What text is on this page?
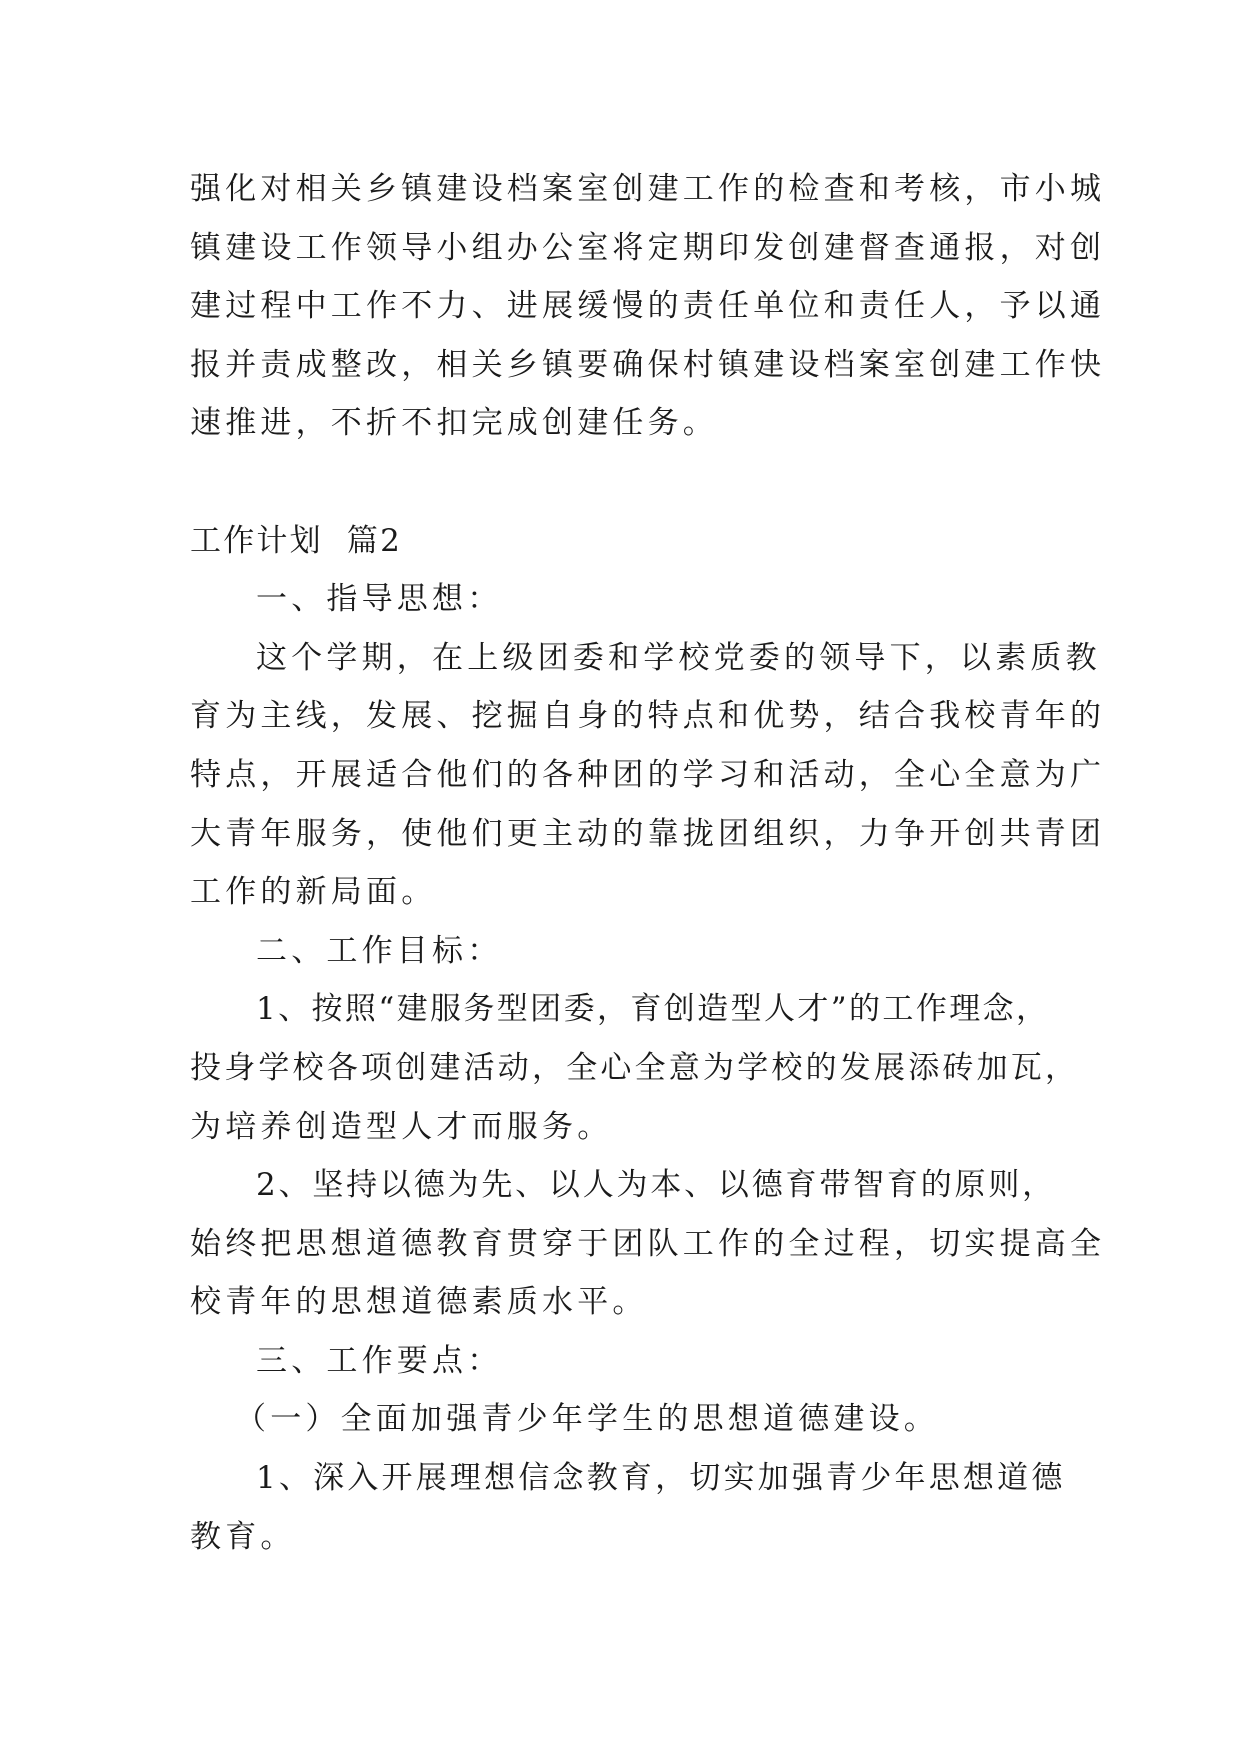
强化对相关乡镇建设档案室创建工作的检查和考核，市小城
镇建设工作领导小组办公室将定期印发创建督查通报，对创
建过程中工作不力、进展缓慢的责任单位和责任人，予以通
报并责成整改，相关乡镇要确保村镇建设档案室创建工作快
速推进，不折不扣完成创建任务。
工作计划  篇2
一、指导思想：
这个学期，在上级团委和学校党委的领导下，以素质教
育为主线，发展、挖掘自身的特点和优势，结合我校青年的
特点，开展适合他们的各种团的学习和活动，全心全意为广
大青年服务，使他们更主动的靠拢团组织，力争开创共青团
工作的新局面。
二、工作目标：
1、按照“建服务型团委，育创造型人才”的工作理念，
投身学校各项创建活动，全心全意为学校的发展添砖加瓦，
为培养创造型人才而服务。
2、坚持以德为先、以人为本、以德育带智育的原则，
始终把思想道德教育贯穿于团队工作的全过程，切实提高全
校青年的思想道德素质水平。
三、工作要点：
（一）全面加强青少年学生的思想道德建设。
1、深入开展理想信念教育，切实加强青少年思想道德
教育。
